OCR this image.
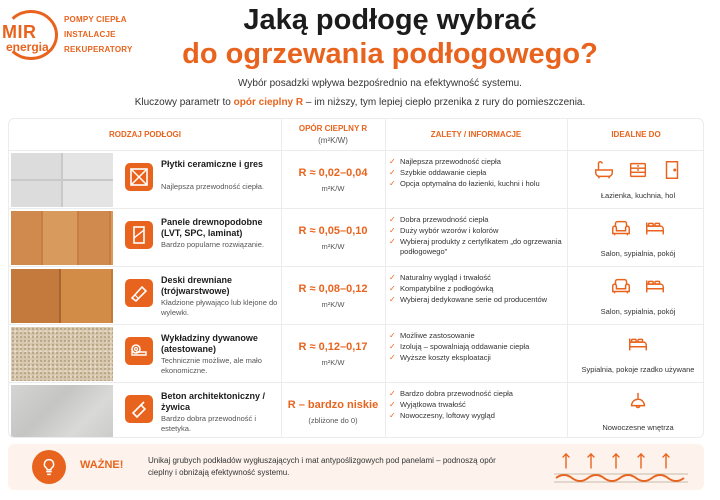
MIR
energia
POMPY CIEPŁA
INSTALACJE
REKUPERATORY
Jaką podłogę wybrać
do ogrzewania podłogowego?
Wybór posadzki wpływa bezpośrednio na efektywność systemu.
Kluczowy parametr to opór cieplny R – im niższy, tym lepiej ciepło przenika z rury do pomieszczenia.
RODZAJ PODŁOGI
OPÓR CIEPLNY R
(m²K/W)
ZALETY / INFORMACJE	IDEALNE DO
Płytki ceramiczne i gres
Najlepsza przewodność ciepła.
R ≈ 0,02–0,04
m²K/W
✓ Najlepsza przewodność ciepła
✓ Szybkie oddawanie ciepła
✓ Opcja optymalna do łazienki, kuchni i holu
Łazienka, kuchnia, hol
Panele drewnopodobne (LVT, SPC, laminat)
Bardzo popularne rozwiązanie.
R ≈ 0,05–0,10
m²K/W
✓ Dobra przewodność ciepła
✓ Duży wybór wzorów i kolorów
✓ Wybieraj produkty z certyfikatem „do ogrzewania podłogowego”	Salon, sypialnia, pokój
Deski drewniane (trójwarstwowe)
Kładzione pływająco lub klejone do wylewki.
R ≈ 0,08–0,12
m²K/W
✓ Naturalny wygląd i trwałość
✓ Kompatybilne z podłogówką
✓ Wybieraj dedykowane serie od producentów
Salon, sypialnia, pokój
Wykładziny dywanowe (atestowane)
Technicznie możliwe, ale mało ekonomiczne.
R ≈ 0,12–0,17
m²K/W
✓ Możliwe zastosowanie
✓ Izolują – spowalniają oddawanie ciepła
✓ Wyższe koszty eksploatacji
Sypialnia, pokoje rzadko używane
Beton architektoniczny / żywica
Bardzo dobra przewodność i estetyka.
R – bardzo niskie
(zbliżone do 0)
✓ Bardzo dobra przewodność ciepła
✓ Wyjątkowa trwałość
✓ Nowoczesny, loftowy wygląd
Nowoczesne wnętrza
WAŻNE!	Unikaj grubych podkładów wygłuszających i mat antypoślizgowych pod panelami – podnoszą opór cieplny i obniżają efektywność systemu.
